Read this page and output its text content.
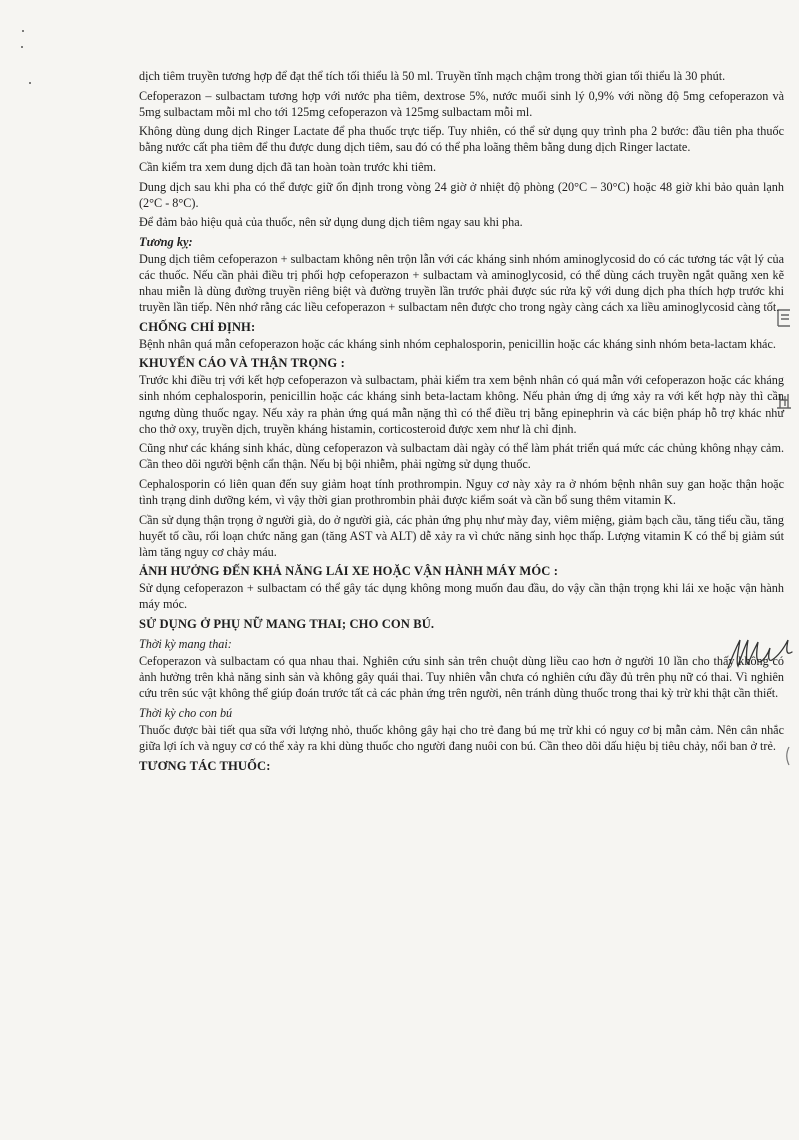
dịch tiêm truyền tương hợp để đạt thể tích tối thiểu là 50 ml. Truyền tĩnh mạch chậm trong thời gian tối thiểu là 30 phút.

Cefoperazon – sulbactam tương hợp với nước pha tiêm, dextrose 5%, nước muối sinh lý 0,9% với nồng độ 5mg cefoperazon và 5mg sulbactam mỗi ml cho tới 125mg cefoperazon và 125mg sulbactam mỗi ml.

Không dùng dung dịch Ringer Lactate để pha thuốc trực tiếp. Tuy nhiên, có thể sử dụng quy trình pha 2 bước: đầu tiên pha thuốc bằng nước cất pha tiêm để thu được dung dịch tiêm, sau đó có thể pha loãng thêm bằng dung dịch Ringer lactate.

Cần kiểm tra xem dung dịch đã tan hoàn toàn trước khi tiêm.

Dung dịch sau khi pha có thể được giữ ổn định trong vòng 24 giờ ở nhiệt độ phòng (20°C – 30°C) hoặc 48 giờ khi bảo quản lạnh (2°C - 8°C).

Để đảm bảo hiệu quả của thuốc, nên sử dụng dung dịch tiêm ngay sau khi pha.

Tương kỵ:

Dung dịch tiêm cefoperazon + sulbactam không nên trộn lẫn với các kháng sinh nhóm aminoglycosid do có các tương tác vật lý của các thuốc. Nếu cần phải điều trị phối hợp cefoperazon + sulbactam và aminoglycosid, có thể dùng cách truyền ngắt quãng xen kẽ nhau miễn là dùng đường truyền riêng biệt và đường truyền lần trước phải được súc rửa kỹ với dung dịch pha thích hợp trước khi truyền lần tiếp. Nên nhớ rằng các liều cefoperazon + sulbactam nên được cho trong ngày càng cách xa liều aminoglycosid càng tốt.

CHỐNG CHỈ ĐỊNH:

Bệnh nhân quá mẫn cefoperazon hoặc các kháng sinh nhóm cephalosporin, penicillin hoặc các kháng sinh nhóm beta-lactam khác.

KHUYẾN CÁO VÀ THẬN TRỌNG :

Trước khi điều trị với kết hợp cefoperazon và sulbactam, phải kiểm tra xem bệnh nhân có quá mẫn với cefoperazon hoặc các kháng sinh nhóm cephalosporin, penicillin hoặc các kháng sinh beta-lactam không. Nếu phản ứng dị ứng xảy ra với kết hợp này thì cần ngưng dùng thuốc ngay. Nếu xảy ra phản ứng quá mẫn nặng thì có thể điều trị bằng epinephrin và các biện pháp hỗ trợ khác như cho thở oxy, truyền dịch, truyền kháng histamin, corticosteroid được xem như là chỉ định.

Cũng như các kháng sinh khác, dùng cefoperazon và sulbactam dài ngày có thể làm phát triển quá mức các chủng không nhạy cảm. Cần theo dõi người bệnh cẩn thận. Nếu bị bội nhiễm, phải ngừng sử dụng thuốc.

Cephalosporin có liên quan đến suy giảm hoạt tính prothrompin. Nguy cơ này xảy ra ở nhóm bệnh nhân suy gan hoặc thận hoặc tình trạng dinh dưỡng kém, vì vậy thời gian prothrombin phải được kiểm soát và cần bổ sung thêm vitamin K.

Cần sử dụng thận trọng ở người già, do ở người già, các phản ứng phụ như mày đay, viêm miệng, giảm bạch cầu, tăng tiểu cầu, tăng huyết tố cầu, rối loạn chức năng gan (tăng AST và ALT) dễ xảy ra vì chức năng sinh học thấp. Lượng vitamin K có thể bị giảm sút làm tăng nguy cơ chảy máu.

ẢNH HƯỞNG ĐẾN KHẢ NĂNG LÁI XE HOẶC VẬN HÀNH MÁY MÓC :

Sử dụng cefoperazon + sulbactam có thể gây tác dụng không mong muốn đau đầu, do vậy cần thận trọng khi lái xe hoặc vận hành máy móc.

SỬ DỤNG Ở PHỤ NỮ MANG THAI; CHO CON BÚ.
Thời kỳ mang thai:

Cefoperazon và sulbactam có qua nhau thai. Nghiên cứu sinh sản trên chuột dùng liều cao hơn ở người 10 lần cho thấy không có ảnh hưởng trên khả năng sinh sản và không gây quái thai. Tuy nhiên vẫn chưa có nghiên cứu đầy đủ trên phụ nữ có thai. Vì nghiên cứu trên súc vật không thể giúp đoán trước tất cả các phản ứng trên người, nên tránh dùng thuốc trong thai kỳ trừ khi thật cần thiết.

Thời kỳ cho con bú

Thuốc được bài tiết qua sữa với lượng nhỏ, thuốc không gây hại cho trẻ đang bú mẹ trừ khi có nguy cơ bị mẫn cảm. Nên cân nhắc giữa lợi ích và nguy cơ có thể xảy ra khi dùng thuốc cho người đang nuôi con bú. Cần theo dõi dấu hiệu bị tiêu chảy, nổi ban ở trẻ.

TƯƠNG TÁC THUỐC:
